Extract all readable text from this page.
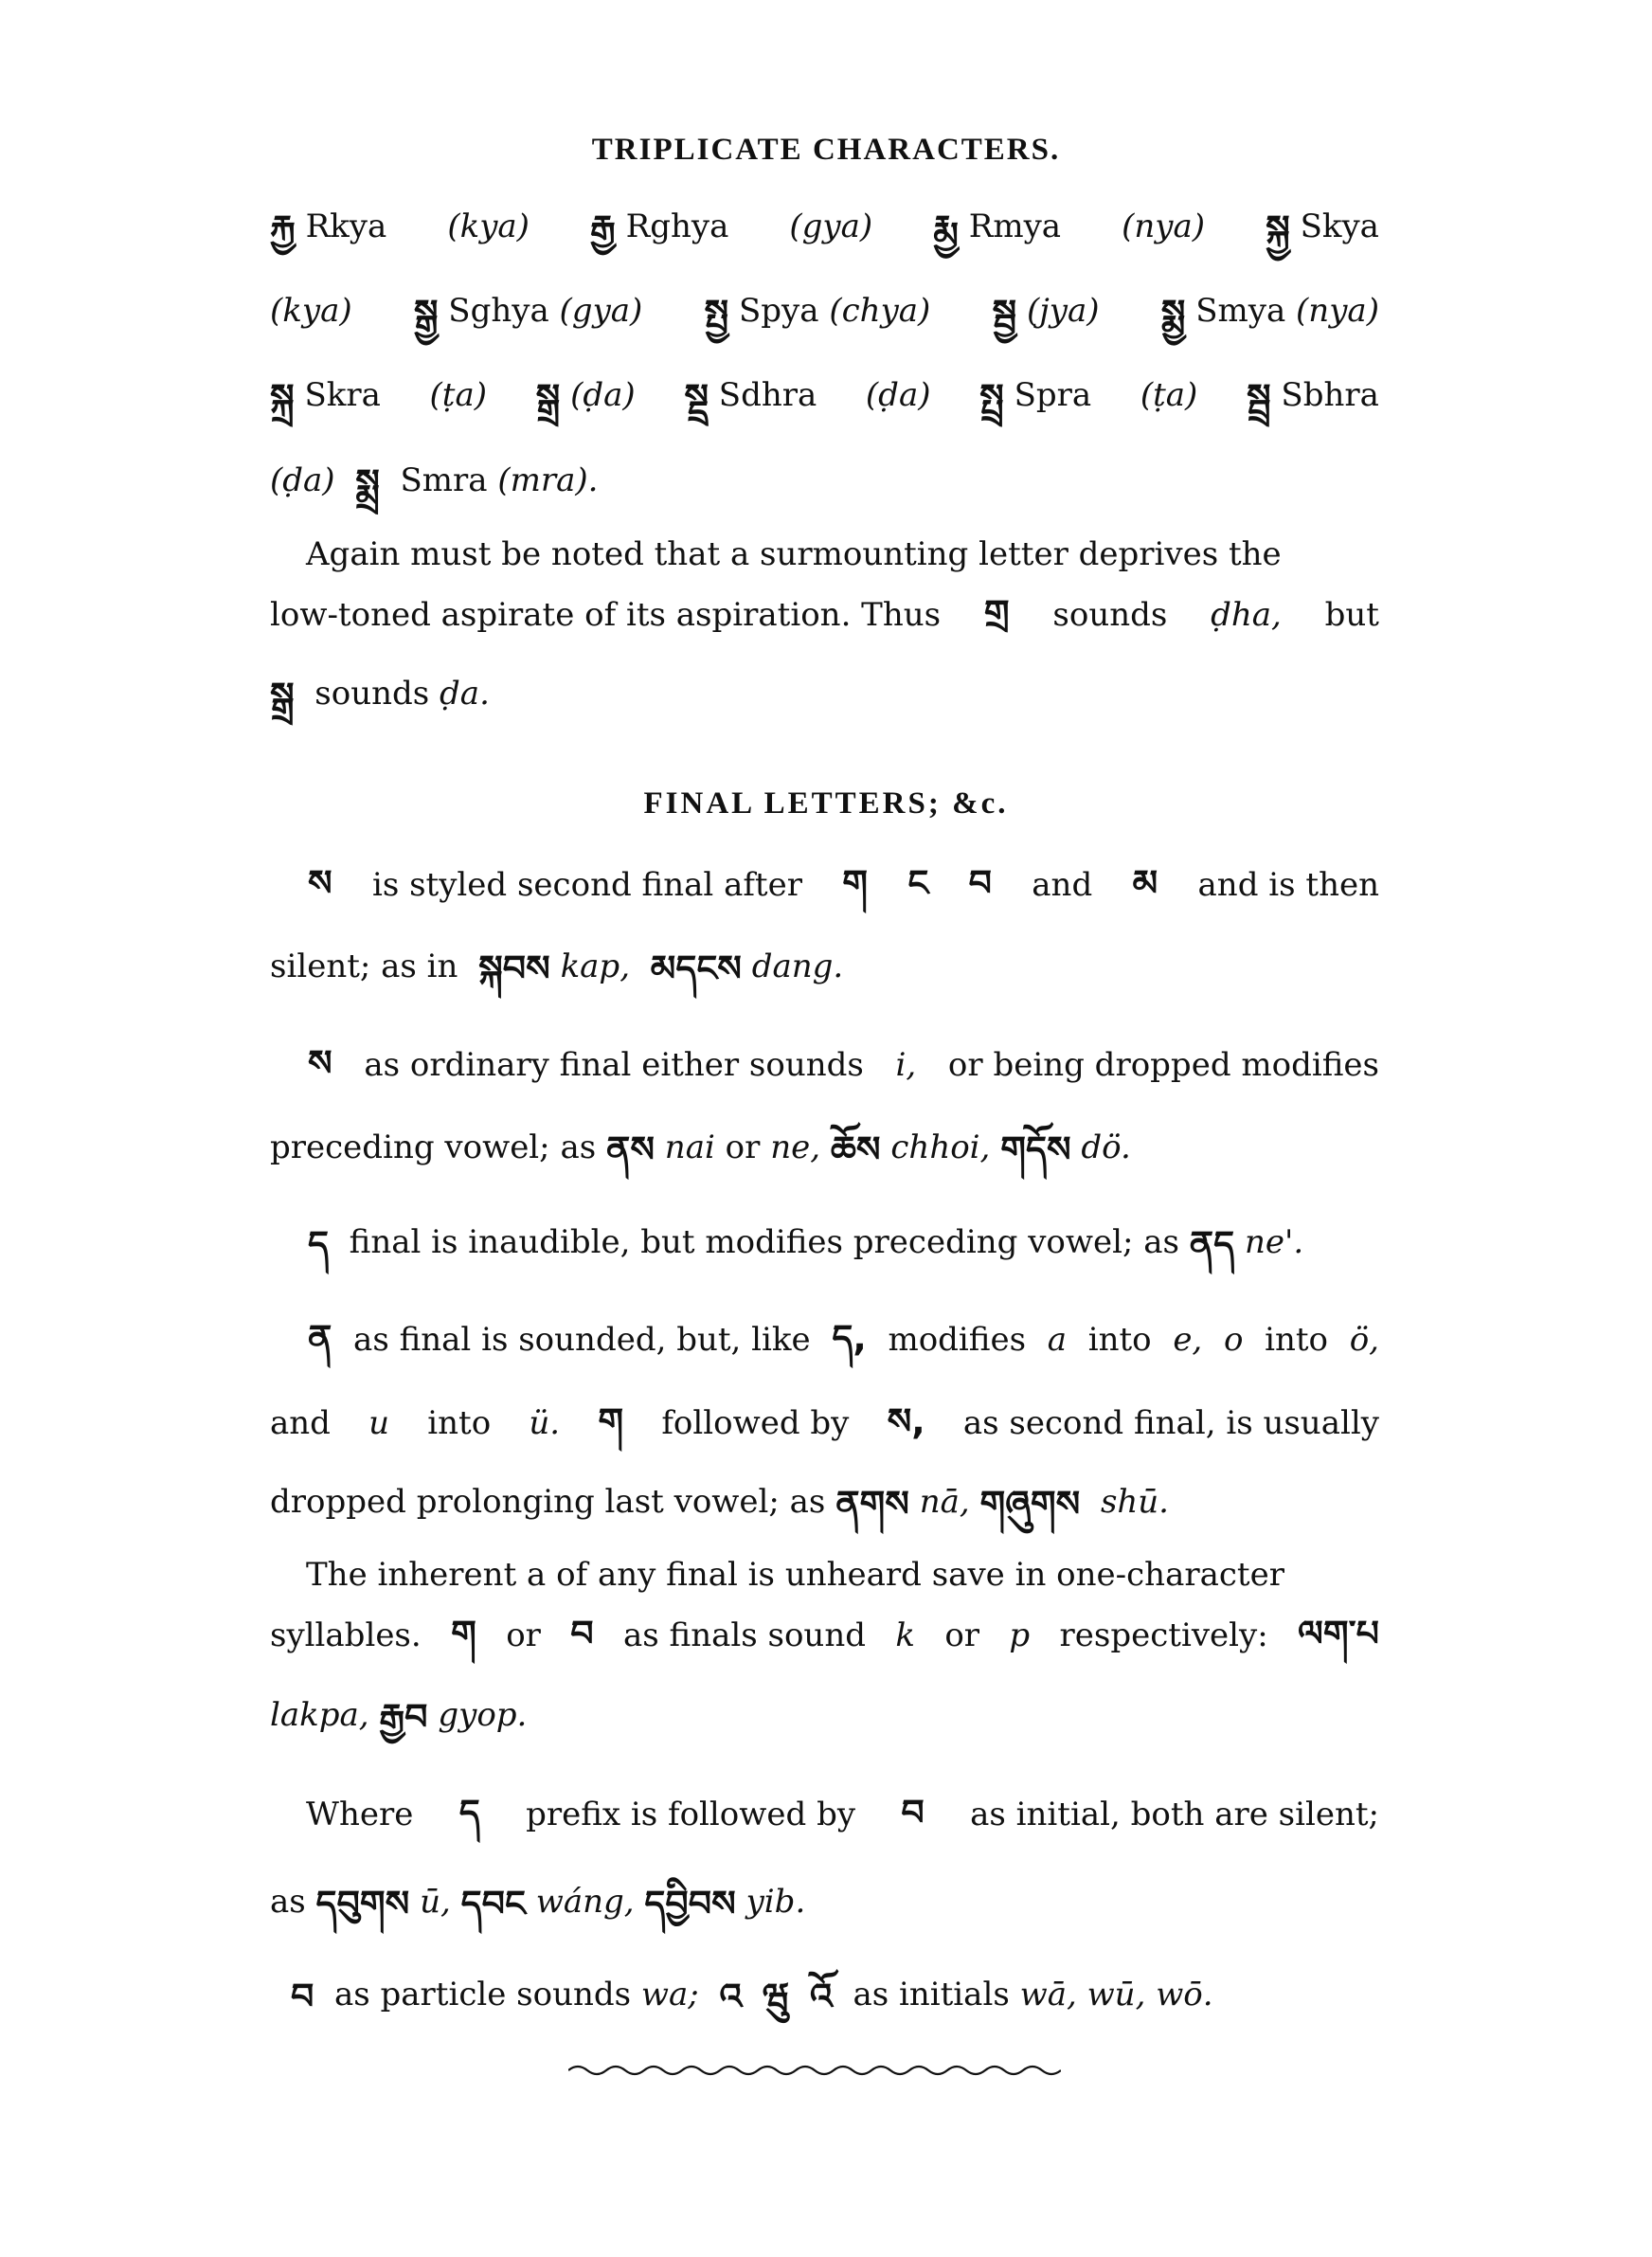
TRIPLICATE CHARACTERS.
རྐྱ Rkya (kya) རྒྱ Rghya (gya) རྨྱ Rmya (nya) སྐྱ Skya
(kya) སྒྱ Sghya (gya) སྤྱ Spya (chya) སྦྱ (jya) སྨྱ Smya (nya)
སྐྲ Skra (ṭa) སྒྲ (ḍa) སྡྲ Sdhra (ḍa) སྤྲ Spra (ṭa) སྦྲ Sbhra
(ḍa) སྨྲ Smra (mra).
Again must be noted that a surmounting letter deprives the
low-toned aspirate of its aspiration. Thus གྲ sounds ḍha, but
སྒྲ sounds ḍa.
FINAL LETTERS; &c.
ས is styled second final after ག ང བ and མ and is then
silent; as in སྐབས kap, མདངས dang.
ས as ordinary final either sounds i, or being dropped modifies
preceding vowel; as ནས nai or ne, ཆོས chhoi, གདོས dö.
ད final is inaudible, but modifies preceding vowel; as ནད ne'.
ན as final is sounded, but, like ད, modifies a into e, o into ö,
and u into ü. ག followed by ས, as second final, is usually
dropped prolonging last vowel; as ནགས nā, གཞུགས shū.
The inherent a of any final is unheard save in one-character
syllables. ག or བ as finals sound k or p respectively: ལག་པ
lakpa, རྒྱབ gyop.
Where ད prefix is followed by བ as initial, both are silent;
as དབུགས ū, དབང wáng, དབྱིབས yib.
བ as particle sounds wa; འ ཝུ འོ as initials wā, wū, wō.
